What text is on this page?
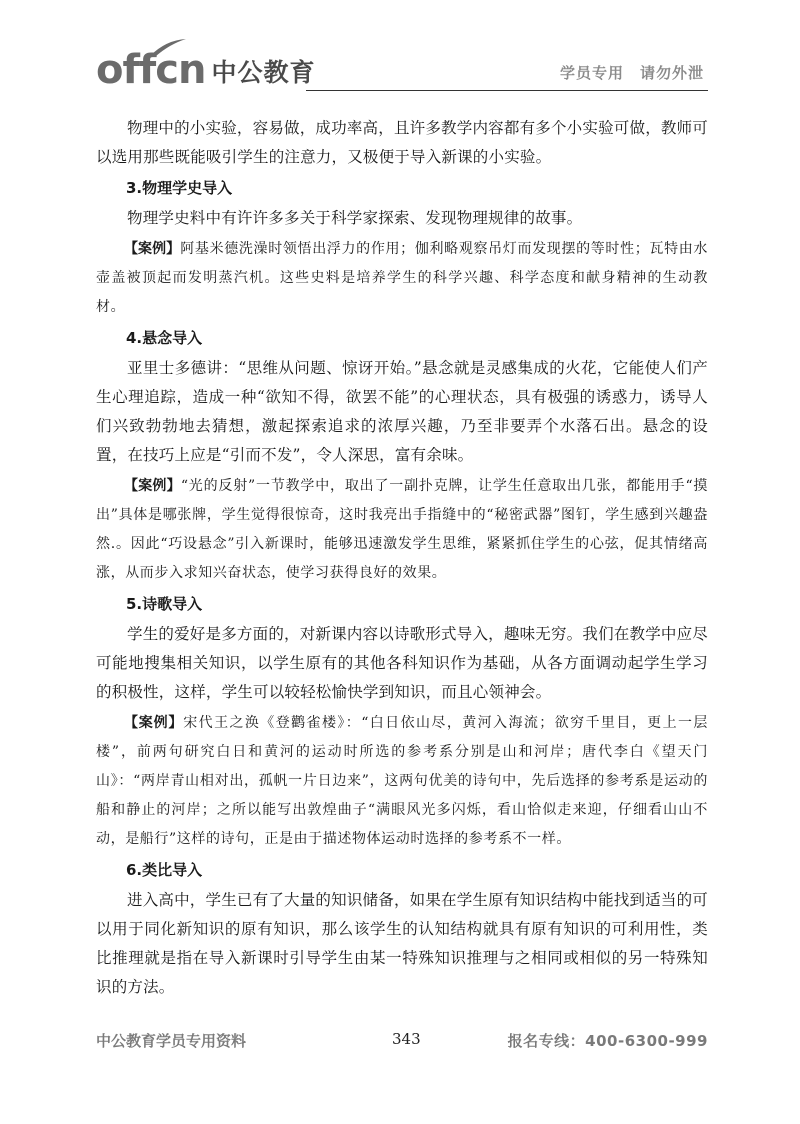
offcn 中公教育	学员专用 请勿外泄

物理中的小实验，容易做，成功率高，且许多教学内容都有多个小实验可做，教师可以选用那些既能吸引学生的注意力，又极便于导入新课的小实验。

3.物理学史导入

物理学史料中有许许多多关于科学家探索、发现物理规律的故事。

【案例】阿基米德洗澡时领悟出浮力的作用；伽利略观察吊灯而发现摆的等时性；瓦特由水壶盖被顶起而发明蒸汽机。这些史料是培养学生的科学兴趣、科学态度和献身精神的生动教材。

4.悬念导入

亚里士多德讲：“思维从问题、惊讶开始。”悬念就是灵感集成的火花，它能使人们产生心理追踪，造成一种“欲知不得，欲罢不能”的心理状态，具有极强的诱惑力，诱导人们兴致勃勃地去猜想，激起探索追求的浓厚兴趣，乃至非要弄个水落石出。悬念的设置，在技巧上应是“引而不发”，令人深思，富有余味。

【案例】“光的反射”一节教学中，取出了一副扑克牌，让学生任意取出几张，都能用手“摸出”具体是哪张牌，学生觉得很惊奇，这时我亮出手指缝中的“秘密武器”图钉，学生感到兴趣盎然.。因此“巧设悬念”引入新课时，能够迅速激发学生思维，紧紧抓住学生的心弦，促其情绪高涨，从而步入求知兴奋状态，使学习获得良好的效果。

5.诗歌导入

学生的爱好是多方面的，对新课内容以诗歌形式导入，趣味无穷。我们在教学中应尽可能地搜集相关知识，以学生原有的其他各科知识作为基础，从各方面调动起学生学习的积极性，这样，学生可以较轻松愉快学到知识，而且心领神会。

【案例】宋代王之涣《登鹳雀楼》：“白日依山尽，黄河入海流；欲穷千里目，更上一层楼”，前两句研究白日和黄河的运动时所选的参考系分别是山和河岸；唐代李白《望天门山》：“两岸青山相对出，孤帆一片日边来”，这两句优美的诗句中，先后选择的参考系是运动的船和静止的河岸；之所以能写出敦煌曲子“满眼风光多闪烁，看山恰似走来迎，仔细看山山不动，是船行”这样的诗句，正是由于描述物体运动时选择的参考系不一样。

6.类比导入

进入高中，学生已有了大量的知识储备，如果在学生原有知识结构中能找到适当的可以用于同化新知识的原有知识，那么该学生的认知结构就具有原有知识的可利用性，类比推理就是指在导入新课时引导学生由某一特殊知识推理与之相同或相似的另一特殊知识的方法。

中公教育学员专用资料	343	报名专线：400-6300-999
